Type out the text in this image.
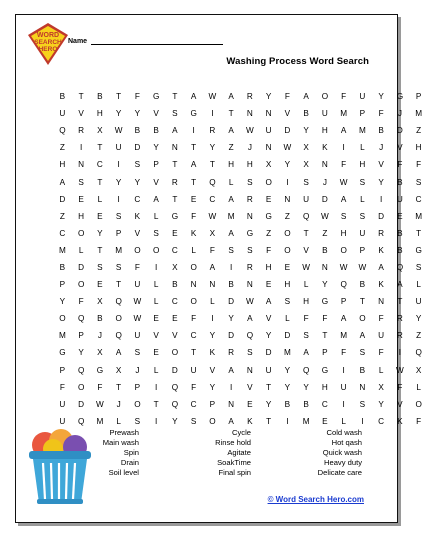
WORD
SEARCH
HERO
Name
Washing Process Word Search
B	T	B	T	F	G	T	A	W	A	R	Y	F	A	O	F	U	Y	G	P
U	V	H	Y	Y	V	S	G	I	T	N	N	V	B	U	M	P	F	J	M
Q	R	X	W	B	B	A	I	R	A	W	U	D	Y	H	A	M	B	D	Z
Z	I	T	U	D	Y	N	T	Y	Z	J	N	W	X	K	I	L	J	V	H
H	N	C	I	S	P	T	A	T	H	H	X	Y	X	N	F	H	V	F	F
A	S	T	Y	Y	V	R	T	Q	L	S	O	I	S	J	W	S	Y	B	S
D	E	L	I	C	A	T	E	C	A	R	E	N	U	D	A	L	I	U	C
Z	H	E	S	K	L	G	F	W	M	N	G	Z	Q	W	S	S	D	E	M
C	O	Y	P	V	S	E	K	X	A	G	Z	O	T	Z	H	U	R	B	T
M	L	T	M	O	O	C	L	F	S	S	F	O	V	B	O	P	K	B	G
B	D	S	S	F	I	X	O	A	I	R	H	E	W	N	W	W	A	Q	S
P	O	E	T	U	L	B	N	N	B	N	E	H	L	Y	Q	B	K	A	L
Y	F	X	Q	W	L	C	O	L	D	W	A	S	H	G	P	T	N	T	U
O	Q	B	O	W	E	E	F	I	Y	A	V	L	F	F	A	O	F	R	Y
M	P	J	Q	U	V	V	C	Y	D	Q	Y	D	S	T	M	A	U	R	Z
G	Y	X	A	S	E	O	T	K	R	S	D	M	A	P	F	S	F	I	Q
P	Q	G	X	J	L	D	U	V	A	N	U	Y	Q	G	I	B	L	W	X
F	O	F	T	P	I	Q	F	Y	I	V	T	Y	Y	H	U	N	X	F	L
U	D	W	J	O	T	Q	C	P	N	E	Y	B	B	C	I	S	Y	V	O
U	Q	M	L	S	I	Y	S	O	A	K	T	I	M	E	L	I	C	K	F
Prewash
Main wash
Spin
Drain
Soil level
Cycle
Rinse hold
Agitate
SoakTime
Final spin
Cold wash
Hot qash
Quick wash
Heavy duty
Delicate care
© Word Search Hero.com
